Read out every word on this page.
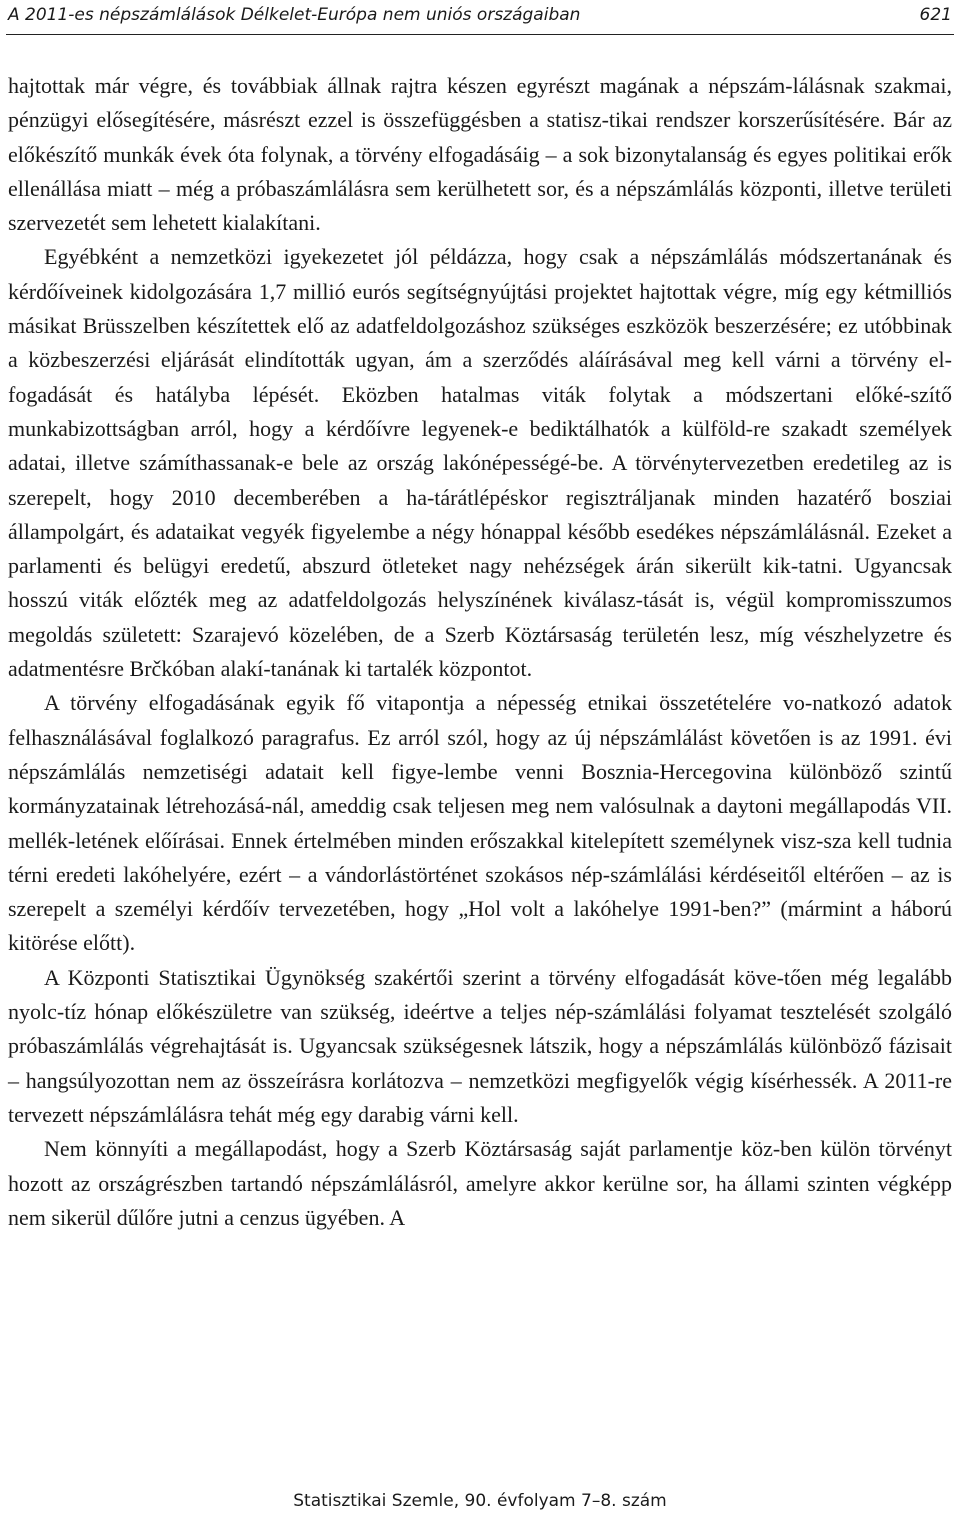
A 2011-es népszámlálások Délkelet-Európa nem uniós országaiban	621

hajtottak már végre, és továbbiak állnak rajtra készen egyrészt magának a népszám-lálásnak szakmai, pénzügyi elősegítésére, másrészt ezzel is összefüggésben a statisz-tikai rendszer korszerűsítésére. Bár az előkészítő munkák évek óta folynak, a törvény elfogadásáig – a sok bizonytalanság és egyes politikai erők ellenállása miatt – még a próbaszámlálásra sem kerülhetett sor, és a népszámlálás központi, illetve területi szervezetét sem lehetett kialakítani.

Egyébként a nemzetközi igyekezetet jól példázza, hogy csak a népszámlálás módszertanának és kérdőíveinek kidolgozására 1,7 millió eurós segítségnyújtási projektet hajtottak végre, míg egy kétmilliós másikat Brüsszelben készítettek elő az adatfeldolgozáshoz szükséges eszközök beszerzésére; ez utóbbinak a közbeszerzési eljárását elindították ugyan, ám a szerződés aláírásával meg kell várni a törvény el-fogadását és hatályba lépését. Eközben hatalmas viták folytak a módszertani előké-szítő munkabizottságban arról, hogy a kérdőívre legyenek-e bediktálhatók a külföld-re szakadt személyek adatai, illetve számíthassanak-e bele az ország lakónépességé-be. A törvénytervezetben eredetileg az is szerepelt, hogy 2010 decemberében a ha-tárátlépéskor regisztráljanak minden hazatérő bosziai állampolgárt, és adataikat vegyék figyelembe a négy hónappal később esedékes népszámlálásnál. Ezeket a parlamenti és belügyi eredetű, abszurd ötleteket nagy nehézségek árán sikerült kik-tatni. Ugyancsak hosszú viták előzték meg az adatfeldolgozás helyszínének kiválasz-tását is, végül kompromisszumos megoldás született: Szarajevó közelében, de a Szerb Köztársaság területén lesz, míg vészhelyzetre és adatmentésre Brčkóban alakí-tanának ki tartalék központot.

A törvény elfogadásának egyik fő vitapontja a népesség etnikai összetételére vo-natkozó adatok felhasználásával foglalkozó paragrafus. Ez arról szól, hogy az új népszámlálást követően is az 1991. évi népszámlálás nemzetiségi adatait kell figye-lembe venni Bosznia-Hercegovina különböző szintű kormányzatainak létrehozásá-nál, ameddig csak teljesen meg nem valósulnak a daytoni megállapodás VII. mellék-letének előírásai. Ennek értelmében minden erőszakkal kitelepített személynek visz-sza kell tudnia térni eredeti lakóhelyére, ezért – a vándorlástörténet szokásos nép-számlálási kérdéseitől eltérően – az is szerepelt a személyi kérdőív tervezetében, hogy „Hol volt a lakóhelye 1991-ben?” (mármint a háború kitörése előtt).

A Központi Statisztikai Ügynökség szakértői szerint a törvény elfogadását köve-tően még legalább nyolc-tíz hónap előkészületre van szükség, ideértve a teljes nép-számlálási folyamat tesztelését szolgáló próbaszámlálás végrehajtását is. Ugyancsak szükségesnek látszik, hogy a népszámlálás különböző fázisait – hangsúlyozottan nem az összeírásra korlátozva – nemzetközi megfigyelők végig kísérhessék. A 2011-re tervezett népszámlálásra tehát még egy darabig várni kell.

Nem könnyíti a megállapodást, hogy a Szerb Köztársaság saját parlamentje köz-ben külön törvényt hozott az országrészben tartandó népszámlálásról, amelyre akkor kerülne sor, ha állami szinten végképp nem sikerül dűlőre jutni a cenzus ügyében. A

Statisztikai Szemle, 90. évfolyam 7–8. szám
